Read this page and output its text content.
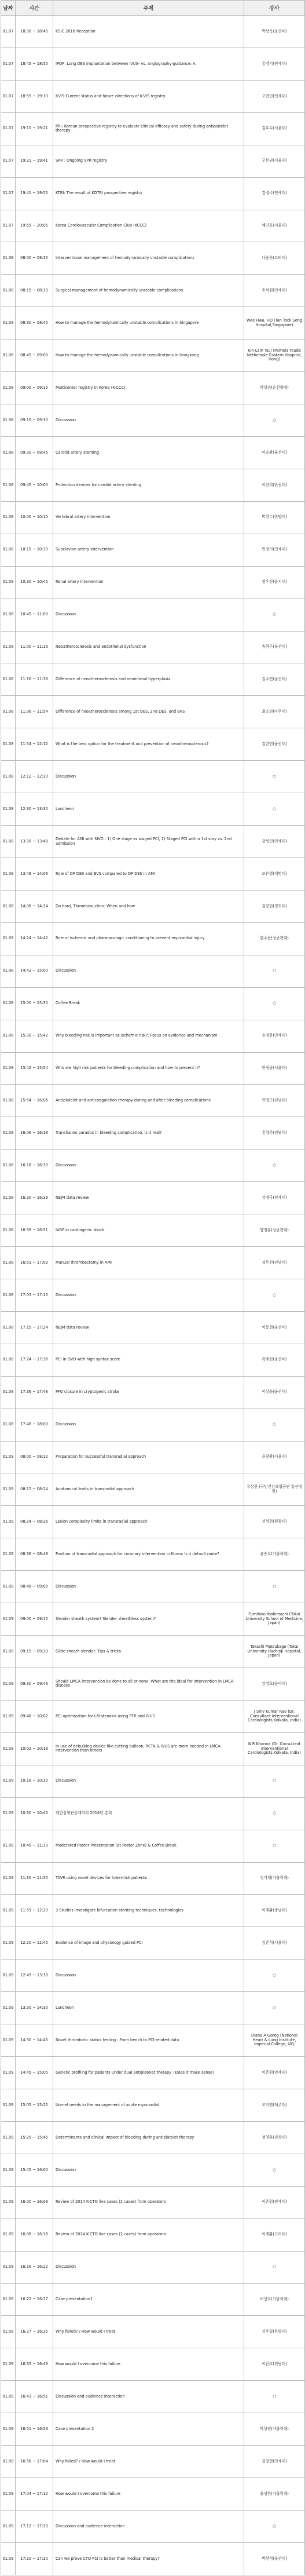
날짜	시간	주제	강사
01.07	18:30 ~ 18:45	KSIC 2016 Reception	박상욱(울산대)
01.07	18:45 ~ 18:55	IPOP: Long DES implantation between IVUS- vs. angiography-guidance: A	홍명기(연세대)
01.07	18:55 ~ 19:10	KVIS-Current status and future directions of K-VIS registry	고현민(연세대)
01.07	19:10 ~ 19:21	PRI: Korean prospective registry to evaluate clinical efficacy and safety during antiplatelet therapy	김효수(서울대)
01.07	19:21 ~ 19:41	SPR : Ongoing SPR registry	구본권(서울대)
01.07	19:41 ~ 19:55	KTRI: The result of KOTRI prospective registry	김병주(연세대)
01.07	19:55 ~ 20:05	Korea Cardiovascular Complication Club (KCCC)	채인호(서울대)
01.08	08:00 ~ 08:15	Interventional management of hemodynamically unstable complications	나승운(고려대)
01.08	08:15 ~ 08:30	Surgical management of hemodynamically unstable complications	송석원(연세대)
01.08	08:30 ~ 08:45	How to manage the hemodynamically unstable complications in Singapore	Wee Hwa, HO (Tan Tock Seng Hospital,Singapore)
01.08	08:45 ~ 09:00	How to manage the hemodynamically unstable complications in Hongkong	Kin-Lam Tsui (Pamela Youde Nethersole Eastern Hospital, Hong)
01.08	09:00 ~ 09:15	Multicenter registry in Korea (K-CCC)	박상권(순천향대)
01.08	09:15 ~ 09:30	Discussion	○
01.08	09:30 ~ 09:45	Carotid artery stenting	이승환(울산대)
01.08	09:45 ~ 10:00	Protection devices for carotid artery stenting	이찬희(한림대)
01.08	10:00 ~ 10:15	Vertebral artery intervention	박현수(한양대)
01.08	10:15 ~ 10:30	Subclavian artery intervention	민정기(연세대)
01.08	10:30 ~ 10:45	Renal artery intervention	정우진(을지대)
01.08	10:45 ~ 11:00	Discussion	○
01.08	11:00 ~ 11:16	Neoatherosclerosis and endothelial dysfunction	송현근(울산대)
01.08	11:16 ~ 11:36	Difference of neoatherosclerosis and neointimal hyperplasia	김수연(울산대)
01.08	11:36 ~ 11:54	Difference of neoatherosclerosis among 1st DES, 2nd DES, and BVS	최소연(아주대)
01.08	11:54 ~ 12:12	What is the best option for the treatment and prevention of neoatherosclerosis?	김한민(울산대)
01.08	12:12 ~ 12:30	Discussion	○
01.08	12:30 ~ 13:30	Luncheon	○
01.08	13:30 ~ 13:48	Debate for AMI with MVD : 1) One stage vs staged PCI, 2) Staged PCI within 1st stay vs. 2nd admission	강성민(연세대)
01.08	13:48 ~ 14:06	Role of DP DES and BVS compared to DP DES in AMI	조은영(계명대)
01.08	14:06 ~ 14:24	Do hard, Thrombosuction: When and how	김창현(경희대)
01.08	14:24 ~ 14:42	Role of ischemic and pharmacologic conditioning to prevent myocardial injury	한주용(성균관대)
01.08	14:42 ~ 15:00	Discussion	○
01.08	15:00 ~ 15:30	Coffee Break	○
01.08	15:30 ~ 15:42	Why bleeding risk is important as ischemic risk?: Focus on evidence and mechanism	윤정한(연세대)
01.08	15:42 ~ 15:54	Who are high risk patients for bleeding complication and how to prevent it?	한정규(서울대)
01.08	15:54 ~ 16:06	Antiplatelet and anticoagulation therapy during and after bleeding complications	안영근(전남대)
01.08	16:06 ~ 16:18	Transfusion paradox in bleeding complication, is it real?	홍영준(전남대)
01.08	16:18 ~ 16:30	Discussion	○
01.08	16:30 ~ 16:39	NEJM data review	김병극(연세대)
01.08	16:39 ~ 16:51	IABP in cardiogenic shock	양정훈(성균관대)
01.08	16:51 ~ 17:03	Manual thrombectomy in AMI	심두선(전남대)
01.08	17:03 ~ 17:15	Discussion	○
01.08	17:15 ~ 17:24	NEJM data review	이동현(울산대)
01.08	17:24 ~ 17:36	PCI in DVD with high syntax score	곽재진(울산대)
01.08	17:36 ~ 17:48	PFO closure in cryptogenic stroke	이상윤(울산대)
01.08	17:48 ~ 18:00	Discussion	○
01.09	08:00 ~ 08:12	Preparation for successful transradial approach	윤창환(서울대)
01.09	08:12 ~ 08:24	Anatomical limits in transradial approach	유상현 (국민건강보험공단 일산병원)
01.09	08:24 ~ 08:36	Lesion complexity limits in transradial approach	권성현(원광대)
01.09	08:36 ~ 08:48	Position of transradial approach for coronary intervention in Korea: Is it default route?	윤승호(가톨릭대)
01.09	08:48 ~ 09:00	Discussion	○
01.09	09:00 ~ 09:15	Slender sheath system? Slender sheathless system?	Fumihiko Yoshimachi (Tokai University School of Medicine, Japan)
01.09	09:15 ~ 09:30	Glide sheath slender: Tips & tricks	Takashi Matsukage (Tokai University Hachioji Hospital, Japan)
01.09	09:30 ~ 09:46	Should LMCA intervention be done to all or none: What are the ideal for intervention in LMCA disease	김명호(동아대)
01.09	09:46 ~ 10:02	PCI optimization for LM stenosis using FFR and IVUS	J Shiv Kumar Rao (Dr. Consultant Interventional Cardiologists,Kolkata, India)
01.09	10:02 ~ 10:18	In use of debulking device like cutting balloon, RCTA & IVUS are more needed in LMCA intervention than others	N R Khanna (Dr. Consultant Interventional Cardiologists,Kolkata, India)
01.09	10:18 ~ 10:30	Discussion	○
01.09	10:30 ~ 10:45	대한심혈관중재학회 2016년 총회	○
01.09	10:45 ~ 11:30	Moderated Poster Presentation (at Poster Zone) & Coffee Break	○
01.09	11:30 ~ 11:55	TAVR using novel devices for lower-risk patients	정기제(가톨릭대)
01.09	11:55 ~ 12:20	3 Studies investigate bifurcation stenting techniques, technologies	이재환(충남대)
01.09	12:20 ~ 12:45	Evidence of image and physiology guided PCI	김준석(서울대)
01.09	12:45 ~ 13:30	Discussion	○
01.09	13:30 ~ 14:30	Luncheon	○
01.09	14:30 ~ 14:45	Novel thrombotic status testing : From bench to PCI-related data	Diana A Gorog (National Heart & Lung Institute, Imperial College, UK)
01.09	14:45 ~ 15:05	Genetic profiling for patients under dual antiplatelet therapy : Does it make sense?	이준원(연세대)
01.09	15:05 ~ 15:25	Unmet needs in the management of acute myocardial	조지연(제주대)
01.09	15:25 ~ 15:45	Determinants and clinical impact of bleeding during antiplatelet therapy	정영훈(경상대)
01.09	15:45 ~ 16:00	Discussion	○
01.09	16:00 ~ 16:08	Review of 2014 K-CTO live cases (2 cases) from operators	이준원(연세대)
01.09	16:08 ~ 16:16	Review of 2014 K-CTO live cases (2 cases) from operators	이재환(고려대)
01.09	16:16 ~ 16:22	Discussion	○
01.09	16:22 ~ 16:27	Case presentation1	허성호(가톨릭대)
01.09	16:27 ~ 16:35	Why failed? / How would I treat	김우일(한양대)
01.09	16:35 ~ 16:43	How would I overcome this failure	이완호(전남대)
01.09	16:43 ~ 16:51	Discussion and audience interaction	○
01.09	16:51 ~ 16:56	Case presentation 2	박상권(가톨릭대)
01.09	16:56 ~ 17:04	Why failed? / How would I treat	김창현(연세대)
01.09	17:04 ~ 17:12	How would I overcome this failure	윤성한(가톨릭대)
01.09	17:12 ~ 17:20	Discussion and audience interaction	○
01.09	17:20 ~ 17:30	Can we prove CTO PCI is better than medical therapy?	박현석(울산대)
